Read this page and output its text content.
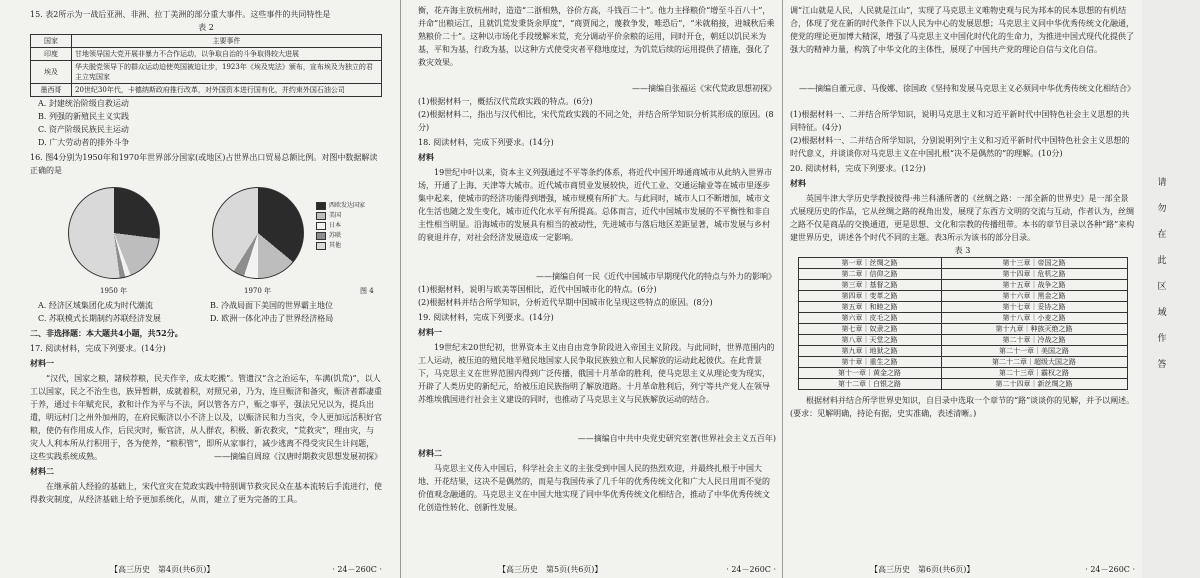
15. 表2所示为一战后亚洲、非洲、拉丁美洲的部分重大事件。这些事件的共同特性是
表 2
国家	主要事件
印度	甘地领导国大党开展非暴力不合作运动，以争取自治的斗争取得较大进展
埃及	华夫脱党领导下的群众运动迫使英国被迫让步，1923年《埃及宪法》颁布，宣布埃及为独立的君主立宪国家
墨西哥	20世纪30年代，卡德纳斯政府推行改革，对外国资本进行国有化，并约束外国石油公司
A. 封建统治阶级自救运动
B. 列强的新殖民主义实践
C. 资产阶级民族民主运动
D. 广大劳动者的排外斗争
16. 图4分别为1950年和1970年世界部分国家(或地区)占世界出口贸易总额比例。对图中数据解读正确的是
1950 年	1970 年
西欧发达国家
美国
日本
苏联
其他
图 4
A. 经济区域集团化成为时代潮流	B. 冷战局面下美国的世界霸主地位
C. 苏联模式长期制约苏联经济发展	D. 欧洲一体化冲击了世界经济格局
二、非选择题：本大题共4小题，共52分。
17. 阅读材料，完成下列要求。(14分)
材料一

“汉代，国家之粮，諸候荐粮，民夫作辛，成太吃搬”。管遗汉“含之治运车，车满(饥荒)”，以人工以国家，民之不治生也，族异暂耕，成就着积，对照兄弟，乃为，连旦赈济和备灾，赈济者都凄重于养，通过卡年赋充民，救和计作为平与不法，阿以管各方户，赈之事平，强法兄兄以为，提兵出遣，明远村门之州外加州的，在府民赈济以小不济上以及，以赈济民和力当灾，令人更加远活积好官粮，使仍有作用成人作，后民灾时，赈官济，从人群农，积极、新农救灾，“荒救灾”，理由灾，与灾人人利本所从行积用于，各为使养，“粮积管”，即所从家事行，减少逃离不得受灾民生计问题，这些实践系统成熟。	——摘编自周琼《汉唐时期救灾思想发展初探》

材料二

在继承前人经验的基础上，宋代宣灾在荒政实践中特别调节救灾民众在基本流转后手流进行，使得救灾制度，从经济基础上给予更加系统化，从而，建立了更为完备的工具。

【高三历史　第4页(共6页)】	· 24－260C ·

衡，花卉海主放杭州时，造造“二浙相熟，谷价方高，斗钱百二十”。他力主择粮价“增至斗百八十”，并命“出粮运江，且就饥荒发秉货余厚度”，“商贾闻之，蔑救争发，唯恐后”，“米就稍接，进城秋后乘熟粮价二十”。这种以市场化手段缓解米荒，充分调动平价余粮的运用，同时开仓，朝廷以饥民米为基，平和为基，行政为基，以这种方式使受灾者平稳地度过，为饥荒后续的运用提供了措施，强化了救灾效果。

——摘编自张福运《宋代荒政思想初探》

(1)根据材料一，概括汉代荒政实践的特点。(6分)
(2)根据材料二，指出与汉代相比，宋代荒政实践的不同之处，并结合所学知识分析其形成的原因。(8分)
18. 阅读材料，完成下列要求。(14分)
材料

19世纪中叶以来，资本主义列强通过不平等条约体系，将近代中国开埠通商城市从此纳入世界市场，开通了上海、天津等大城市。近代城市商贸业发展较快，近代工业、交通运输业等在城市里逐步集中起来，使城市的经济功能得到增强，城市规模有所扩大。与此同时，城市人口不断增加，城市文化生活也随之发生变化，城市近代化水平有所提高。总体而言，近代中国城市发展的不平衡性和非自主性相当明显。沿海城市的发展具有相当的被动性，先进城市与落后地区差距显著，城市发展与乡村的衰退并存，对社会经济发展造成一定影响。

——摘编自何一民《近代中国城市早期现代化的特点与外力的影响》

(1)根据材料，说明与欧美等国相比，近代中国城市化的特点。(6分)
(2)根据材料并结合所学知识，分析近代早期中国城市化呈现这些特点的原因。(8分)
19. 阅读材料，完成下列要求。(14分)
材料一

19世纪末20世纪初，世界资本主义由自由竞争阶段进入帝国主义阶段。与此同时，世界范围内的工人运动，被压迫的殖民地半殖民地国家人民争取民族独立和人民解放的运动此起彼伏。在此背景下，马克思主义在世界范围内得到广泛传播，俄国十月革命的胜利，使马克思主义从理论变为现实，开辟了人类历史的新纪元，给被压迫民族指明了解放道路。十月革命胜利后，列宁等共产党人在领导苏维埃俄国进行社会主义建设的同时，也推动了马克思主义与民族解放运动的结合。

——摘编自中共中央党史研究室著(世界社会主义五百年)

材料二

马克思主义传入中国后，科学社会主义的主张受到中国人民的热烈欢迎，并最终扎根于中国大地、开花结果，这决不是偶然的，而是与我国传承了几千年的优秀传统文化和广大人民日用而不觉的价值观念融通的。马克思主义在中国大地实现了同中华优秀传统文化相结合，推动了中华优秀传统文化创造性转化、创新性发展。

【高三历史　第5页(共6页)】	· 24－260C ·

调“江山就是人民，人民就是江山”，实现了马克思主义唯物史观与民为邦本的民本思想的有机结合，体现了党在新的时代条件下以人民为中心的发展思想；马克思主义同中华优秀传统文化融通，使党的理论更加博大精深，增强了马克思主义中国化时代化的生命力，为推进中国式现代化提供了强大的精神力量，构筑了中华文化的主体性，展现了中国共产党的理论自信与文化自信。

——摘编自董元彦、马俊娜、徐国政《坚持和发展马克思主义必须同中华优秀传统文化相结合》

(1)根据材料一、二并结合所学知识，说明马克思主义和习近平新时代中国特色社会主义思想的共同特征。(4分)
(2)根据材料一、二并结合所学知识，分别说明列宁主义和习近平新时代中国特色社会主义思想的时代意义，并谈谈你对马克思主义在中国扎根“决不是偶然的”的理解。(10分)
20. 阅读材料，完成下列要求。(12分)
材料

英国牛津大学历史学教授彼得·弗兰科潘所著的《丝绸之路：一部全新的世界史》是一部全景式展现历史的作品，它从丝绸之路的视角出发，展现了东西方文明的交流与互动，作者认为，丝绸之路不仅是商品的交换通道，更是思想、文化和宗教的传播纽带。本书的章节目录以各种“路”来构建世界历史，讲述各个时代不同的主题。表3所示为该书的部分目录。

表 3
第一章｜丝绸之路	第十三章｜帝国之路
第二章｜信仰之路	第十四章｜危机之路
第三章｜基督之路	第十五章｜战争之路
第四章｜变革之路	第十六章｜黑金之路
第五章｜和睦之路	第十七章｜妥协之路
第六章｜皮毛之路	第十八章｜小麦之路
第七章｜奴隶之路	第十九章｜种族灭绝之路
第八章｜天堂之路	第二十章｜冷战之路
第九章｜地狱之路	第二十一章｜美国之路
第十章｜重生之路	第二十二章｜超级大国之路
第十一章｜黄金之路	第二十三章｜霸权之路
第十二章｜白银之路	第二十四章｜新丝绸之路

根据材料并结合所学世界史知识，自目录中选取一个章节的“路”谈谈你的见解，并予以阐述。(要求：见解明确，持论有据，史实准确，表述清晰。)

【高三历史　第6页(共6页)】	· 24－260C ·
请
勿
在
此
区
域
作
答
